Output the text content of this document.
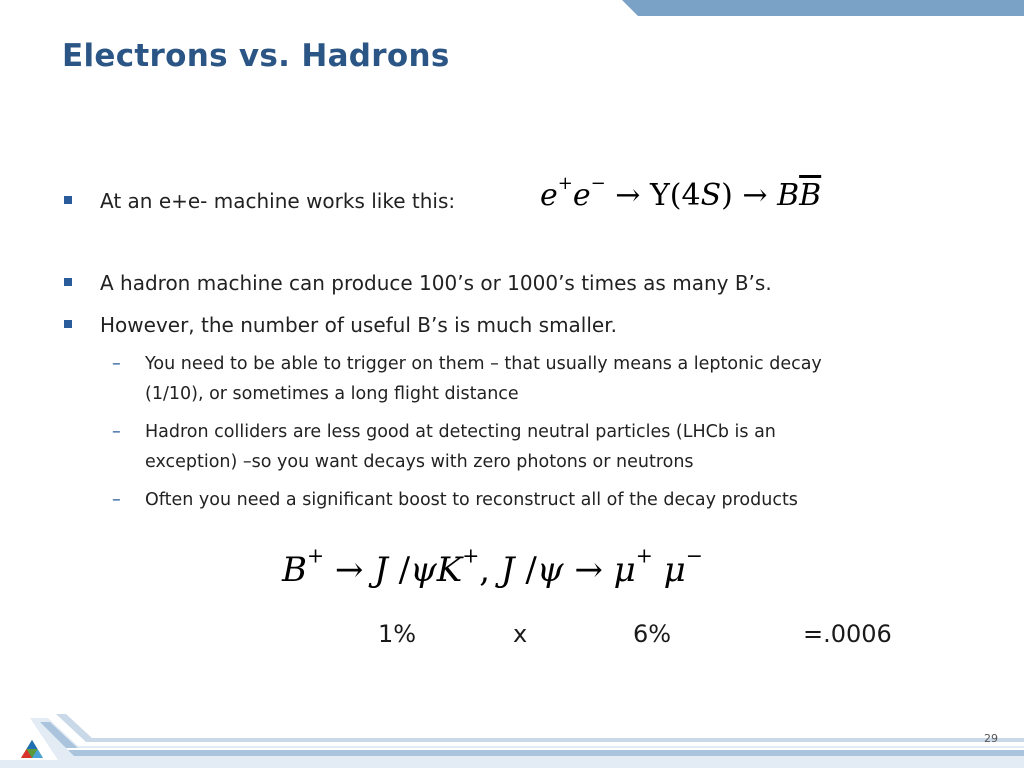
Electrons vs. Hadrons
At an e+e- machine works like this:	$e^+e^- \to \Upsilon(4S) \to B\overline{B}$
A hadron machine can produce 100’s or 1000’s times as many B’s.
However, the number of useful B’s is much smaller.
– You need to be able to trigger on them – that usually means a leptonic decay
(1/10), or sometimes a long flight distance
– Hadron colliders are less good at detecting neutral particles (LHCb is an
exception) –so you want decays with zero photons or neutrons
– Often you need a significant boost to reconstruct all of the decay products
B+ → J /ψK+, J /ψ → μ+ μ−
1%	x	6%	=.0006
29
